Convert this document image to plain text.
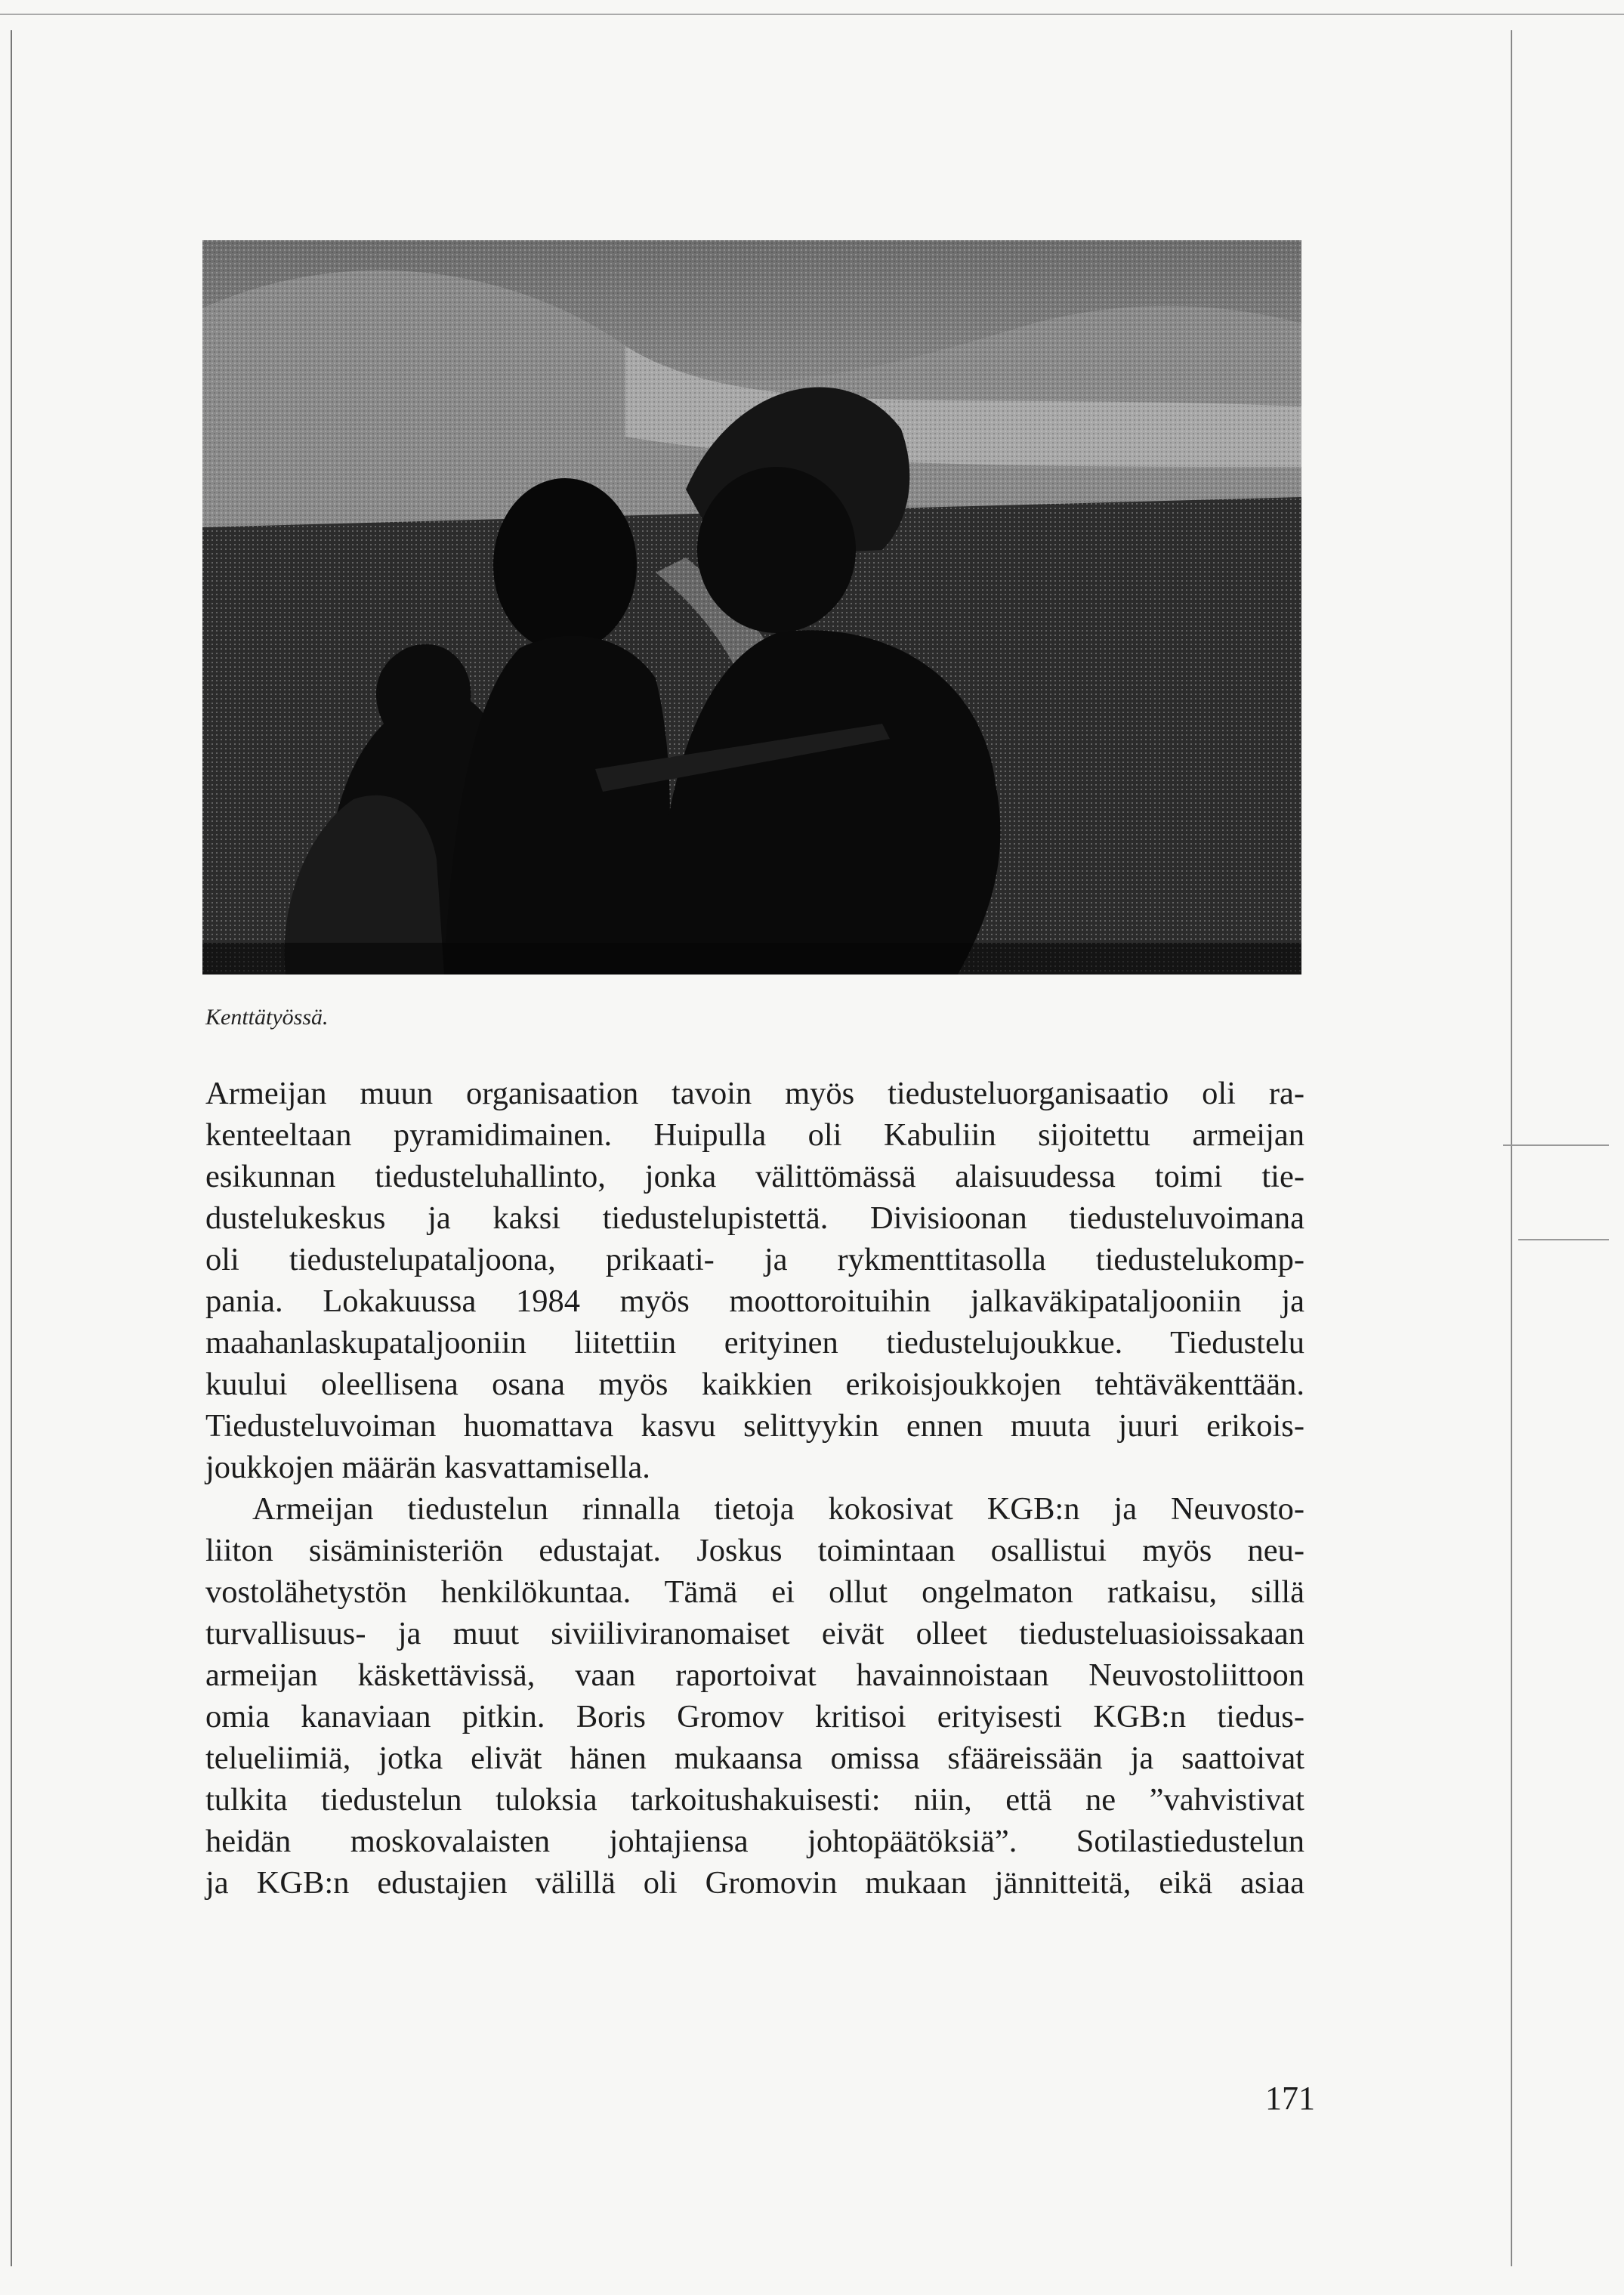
Kenttätyössä.
Armeijan muun organisaation tavoin myös tiedusteluorganisaatio oli ra-
kenteeltaan pyramidimainen. Huipulla oli Kabuliin sijoitettu armeijan
esikunnan tiedusteluhallinto, jonka välittömässä alaisuudessa toimi tie-
dustelukeskus ja kaksi tiedustelupistettä. Divisioonan tiedusteluvoimana
oli tiedustelupataljoona, prikaati- ja rykmenttitasolla tiedustelukomp-
pania. Lokakuussa 1984 myös moottoroituihin jalkaväkipataljooniin ja
maahanlaskupataljooniin liitettiin erityinen tiedustelujoukkue. Tiedustelu
kuului oleellisena osana myös kaikkien erikoisjoukkojen tehtäväkenttään.
Tiedusteluvoiman huomattava kasvu selittyykin ennen muuta juuri erikois-
joukkojen määrän kasvattamisella.
Armeijan tiedustelun rinnalla tietoja kokosivat KGB:n ja Neuvosto-
liiton sisäministeriön edustajat. Joskus toimintaan osallistui myös neu-
vostolähetystön henkilökuntaa. Tämä ei ollut ongelmaton ratkaisu, sillä
turvallisuus- ja muut siviiliviranomaiset eivät olleet tiedusteluasioissakaan
armeijan käskettävissä, vaan raportoivat havainnoistaan Neuvostoliittoon
omia kanaviaan pitkin. Boris Gromov kritisoi erityisesti KGB:n tiedus-
telueliimiä, jotka elivät hänen mukaansa omissa sfääreissään ja saattoivat
tulkita tiedustelun tuloksia tarkoitushakuisesti: niin, että ne ”vahvistivat
heidän moskovalaisten johtajiensa johtopäätöksiä”. Sotilastiedustelun
ja KGB:n edustajien välillä oli Gromovin mukaan jännitteitä, eikä asiaa
171
